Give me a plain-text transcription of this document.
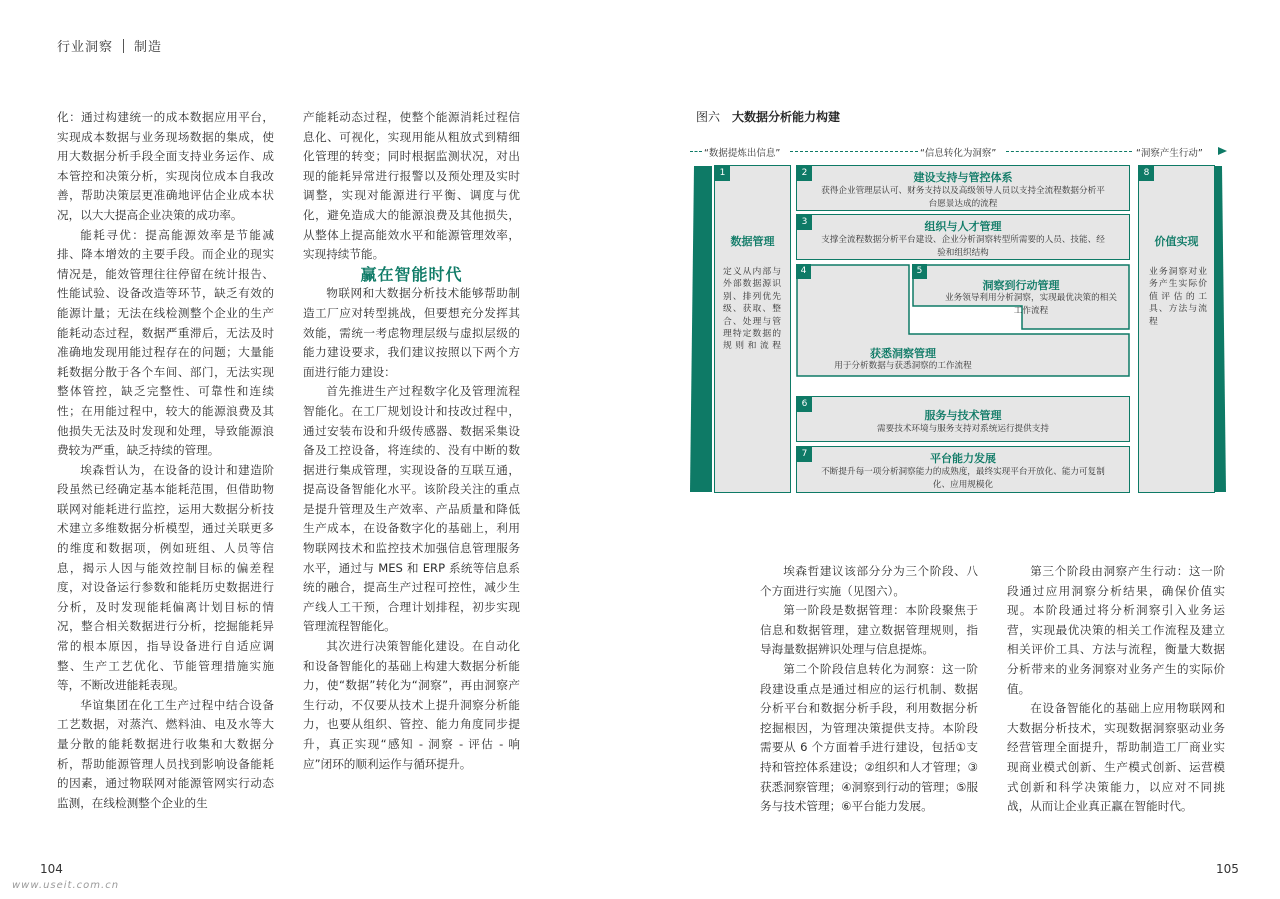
行业洞察 制造

化：通过构建统一的成本数据应用平台，实现成本数据与业务现场数据的集成，使用大数据分析手段全面支持业务运作、成本管控和决策分析，实现岗位成本自我改善，帮助决策层更准确地评估企业成本状况，以大大提高企业决策的成功率。

能耗寻优：提高能源效率是节能减排、降本增效的主要手段。而企业的现实情况是，能效管理往往停留在统计报告、性能试验、设备改造等环节，缺乏有效的能源计量；无法在线检测整个企业的生产能耗动态过程，数据严重滞后，无法及时准确地发现用能过程存在的问题；大量能耗数据分散于各个车间、部门，无法实现整体管控，缺乏完整性、可靠性和连续性；在用能过程中，较大的能源浪费及其他损失无法及时发现和处理，导致能源浪费较为严重，缺乏持续的管理。

埃森哲认为，在设备的设计和建造阶段虽然已经确定基本能耗范围，但借助物联网对能耗进行监控，运用大数据分析技术建立多维数据分析模型，通过关联更多的维度和数据项，例如班组、人员等信息，揭示人因与能效控制目标的偏差程度，对设备运行参数和能耗历史数据进行分析，及时发现能耗偏离计划目标的情况，整合相关数据进行分析，挖掘能耗异常的根本原因，指导设备进行自适应调整、生产工艺优化、节能管理措施实施等，不断改进能耗表现。

华谊集团在化工生产过程中结合设备工艺数据，对蒸汽、燃料油、电及水等大量分散的能耗数据进行收集和大数据分析，帮助能源管理人员找到影响设备能耗的因素，通过物联网对能源管网实行动态监测，在线检测整个企业的生

产能耗动态过程，使整个能源消耗过程信息化、可视化，实现用能从粗放式到精细化管理的转变；同时根据监测状况，对出现的能耗异常进行报警以及预处理及实时调整，实现对能源进行平衡、调度与优化，避免造成大的能源浪费及其他损失，从整体上提高能效水平和能源管理效率，实现持续节能。

赢在智能时代

物联网和大数据分析技术能够帮助制造工厂应对转型挑战，但要想充分发挥其效能，需统一考虑物理层级与虚拟层级的能力建设要求，我们建议按照以下两个方面进行能力建设：

首先推进生产过程数字化及管理流程智能化。在工厂规划设计和技改过程中，通过安装布设和升级传感器、数据采集设备及工控设备，将连续的、没有中断的数据进行集成管理，实现设备的互联互通，提高设备智能化水平。该阶段关注的重点是提升管理及生产效率、产品质量和降低生产成本，在设备数字化的基础上，利用物联网技术和监控技术加强信息管理服务水平，通过与 MES 和 ERP 系统等信息系统的融合，提高生产过程可控性，减少生产线人工干预，合理计划排程，初步实现管理流程智能化。

其次进行决策智能化建设。在自动化和设备智能化的基础上构建大数据分析能力，使“数据”转化为“洞察”，再由洞察产生行动，不仅要从技术上提升洞察分析能力，也要从组织、管控、能力角度同步提升，真正实现“感知 - 洞察 - 评估 - 响应”闭环的顺利运作与循环提升。

埃森哲建议该部分分为三个阶段、八个方面进行实施（见图六）。

第一阶段是数据管理：本阶段聚焦于信息和数据管理，建立数据管理规则，指导海量数据辨识处理与信息提炼。

第二个阶段信息转化为洞察：这一阶段建设重点是通过相应的运行机制、数据分析平台和数据分析手段，利用数据分析挖掘根因，为管理决策提供支持。本阶段需要从 6 个方面着手进行建设，包括①支持和管控体系建设；②组织和人才管理；③获悉洞察管理；④洞察到行动的管理；⑤服务与技术管理；⑥平台能力发展。

第三个阶段由洞察产生行动：这一阶段通过应用洞察分析结果，确保价值实现。本阶段通过将分析洞察引入业务运营，实现最优决策的相关工作流程及建立相关评价工具、方法与流程，衡量大数据分析带来的业务洞察对业务产生的实际价值。

在设备智能化的基础上应用物联网和大数据分析技术，实现数据洞察驱动业务经营管理全面提升，帮助制造工厂商业实现商业模式创新、生产模式创新、运营模式创新和科学决策能力，以应对不同挑战，从而让企业真正赢在智能时代。

图六 大数据分析能力构建
“数据提炼出信息”	“信息转化为洞察”	“洞察产生行动”
1
数据管理
定义从内部与外部数据源识别、排列优先级、获取、整合、处理与管理特定数据的规则和流程
2	建设支持与管控体系
获得企业管理层认可、财务支持以及高级领导人员以支持全流程数据分析平台愿景达成的流程
3	组织与人才管理
支撑全流程数据分析平台建设、企业分析洞察转型所需要的人员、技能、经验和组织结构
4
获悉洞察管理
用于分析数据与获悉洞察的工作流程
5
洞察到行动管理
业务领导利用分析洞察，实现最优决策的相关工作流程
6
服务与技术管理
需要技术环境与服务支持对系统运行提供支持
7	平台能力发展
不断提升每一项分析洞察能力的成熟度，最终实现平台开放化、能力可复制化、应用规模化
8
价值实现
业务洞察对业务产生实际价值评估的工具、方法与流程
104	105
www.useit.com.cn
